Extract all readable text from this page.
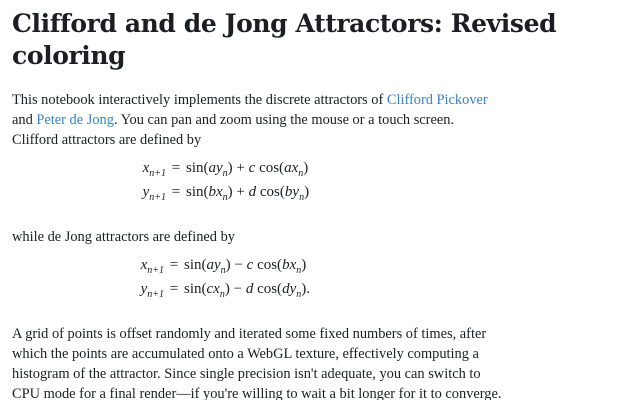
Clifford and de Jong Attractors: Revised
coloring

This notebook interactively implements the discrete attractors of Clifford Pickover
and Peter de Jong. You can pan and zoom using the mouse or a touch screen.
Clifford attractors are defined by

$x_{n+1} = \sin(ay_n) + c$ $\cos(ax_n)$
$y_{n+1} = \sin(bx_n) + d$ $\cos(by_n)$

while de Jong attractors are defined by

$x_{n+1} = \sin(ay_n) - c$ $\cos(bx_n)$
$y_{n+1} = \sin(cx_n) - d$ $\cos(dy_n)$.

A grid of points is offset randomly and iterated some fixed numbers of times, after
which the points are accumulated onto a WebGL texture, effectively computing a
histogram of the attractor. Since single precision isn't adequate, you can switch to
CPU mode for a final render—if you're willing to wait a bit longer for it to converge.
